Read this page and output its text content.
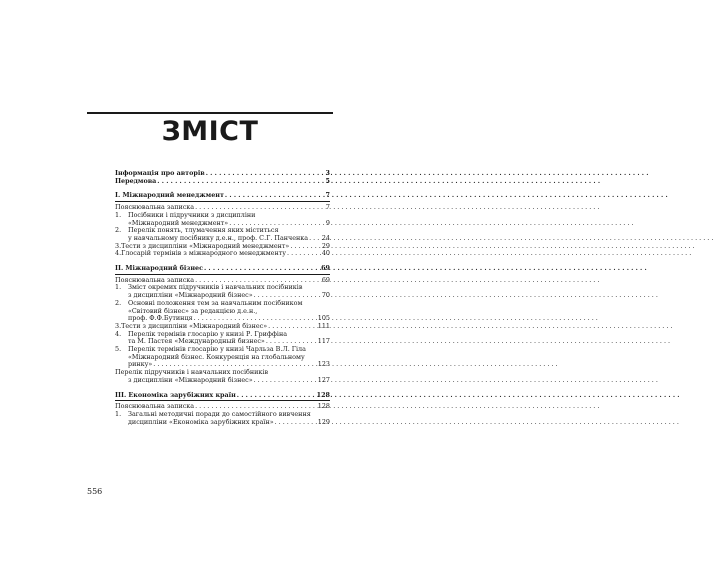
ЗМІСТ
Інформація про авторів . . .	3
Передмова . . .	5
І. Міжнародний менеджмент . . .	7
Пояснювальна записка . . .	7
1.	Посібники і підручники з дисципліни
«Міжнародний менеджмент» . . .	9
2.	Перелік понять, тлумачення яких міститься
у навчальному посібнику д.е.н., проф. С.Г. Панченка . . . 24
3. Тести з дисципліни «Міжнародний менеджмент» . . .	29
4. Глосарій термінів з міжнародного менеджменту . . .	40
ІІ. Міжнародний бізнес . . .	69
Пояснювальна записка . . .	69
1.	Зміст окремих підручників і навчальних посібників
з дисципліни «Міжнародний бізнес» . . .	70
2.	Основні положення тем за навчальним посібником
«Світовий бізнес» за редакцією д.е.н.,
проф. Ф.Ф.Бутинця . . .	105
3. Тести з дисципліни «Міжнародний бізнес» . . .	111
4.	Перелік термінів глосарію у книзі Р. Гриффіна
та М. Пастея «Международный бизнес» . . .	117
5.	Перелік термінів глосарію у книзі Чарльза В.Л. Гіла
«Міжнародний бізнес. Конкуренція на глобальному
ринку» . . .	123
Перелік підручників і навчальних посібників
з дисципліни «Міжнародний бізнес» . . .	127
ІІІ. Економіка зарубіжних країн . . .	128
Пояснювальна записка . . .	128
1.	Загальні методичні поради до самостійного вивчення
дисципліни «Економіка зарубіжних країн» . . .	129
556
